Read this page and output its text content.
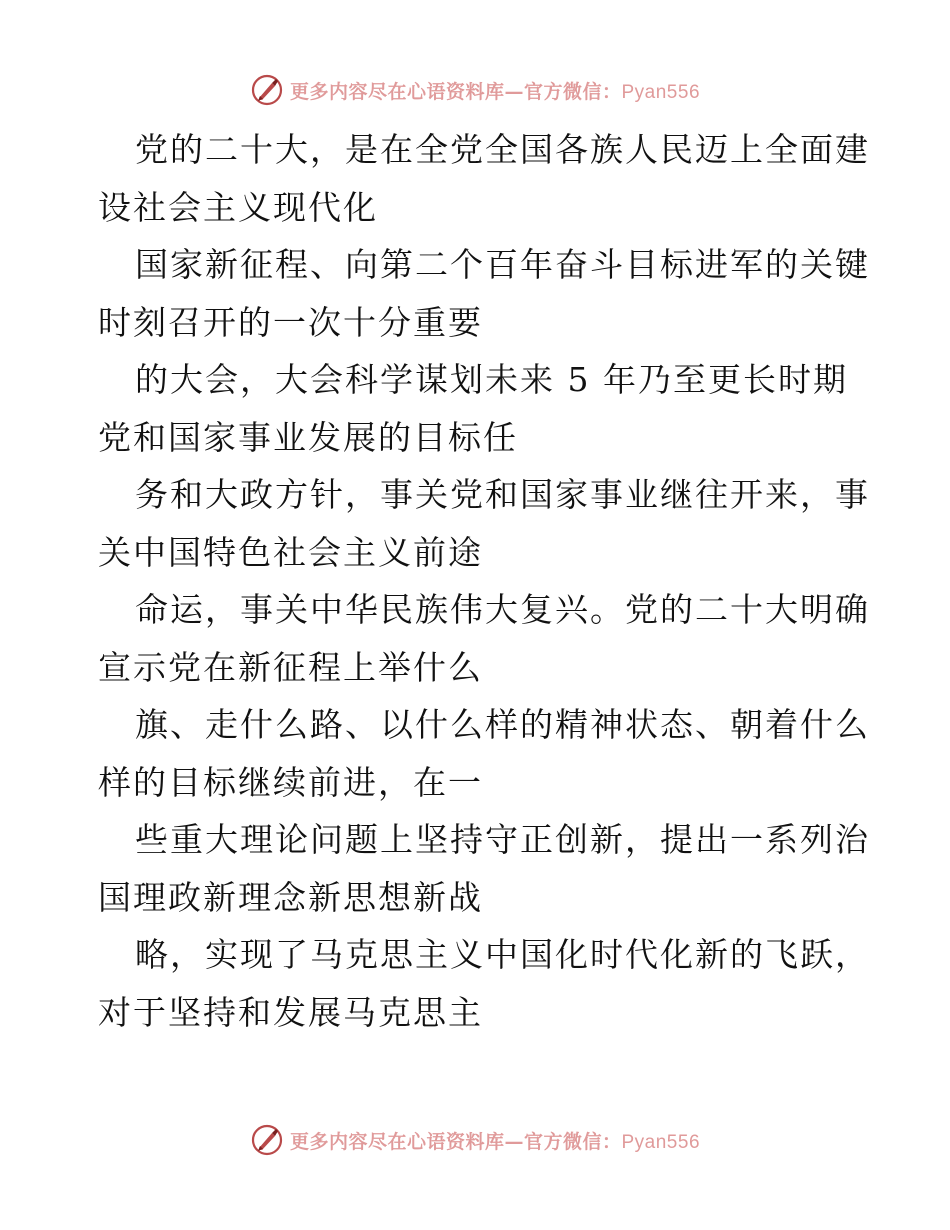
更多内容尽在心语资料库—官方微信：Pyan556
党的二十大，是在全党全国各族人民迈上全面建
设社会主义现代化
国家新征程、向第二个百年奋斗目标进军的关键
时刻召开的一次十分重要
的大会，大会科学谋划未来 5 年乃至更长时期
党和国家事业发展的目标任
务和大政方针，事关党和国家事业继往开来，事
关中国特色社会主义前途
命运，事关中华民族伟大复兴。党的二十大明确
宣示党在新征程上举什么
旗、走什么路、以什么样的精神状态、朝着什么
样的目标继续前进，在一
些重大理论问题上坚持守正创新，提出一系列治
国理政新理念新思想新战
略，实现了马克思主义中国化时代化新的飞跃，
对于坚持和发展马克思主
更多内容尽在心语资料库—官方微信：Pyan556
